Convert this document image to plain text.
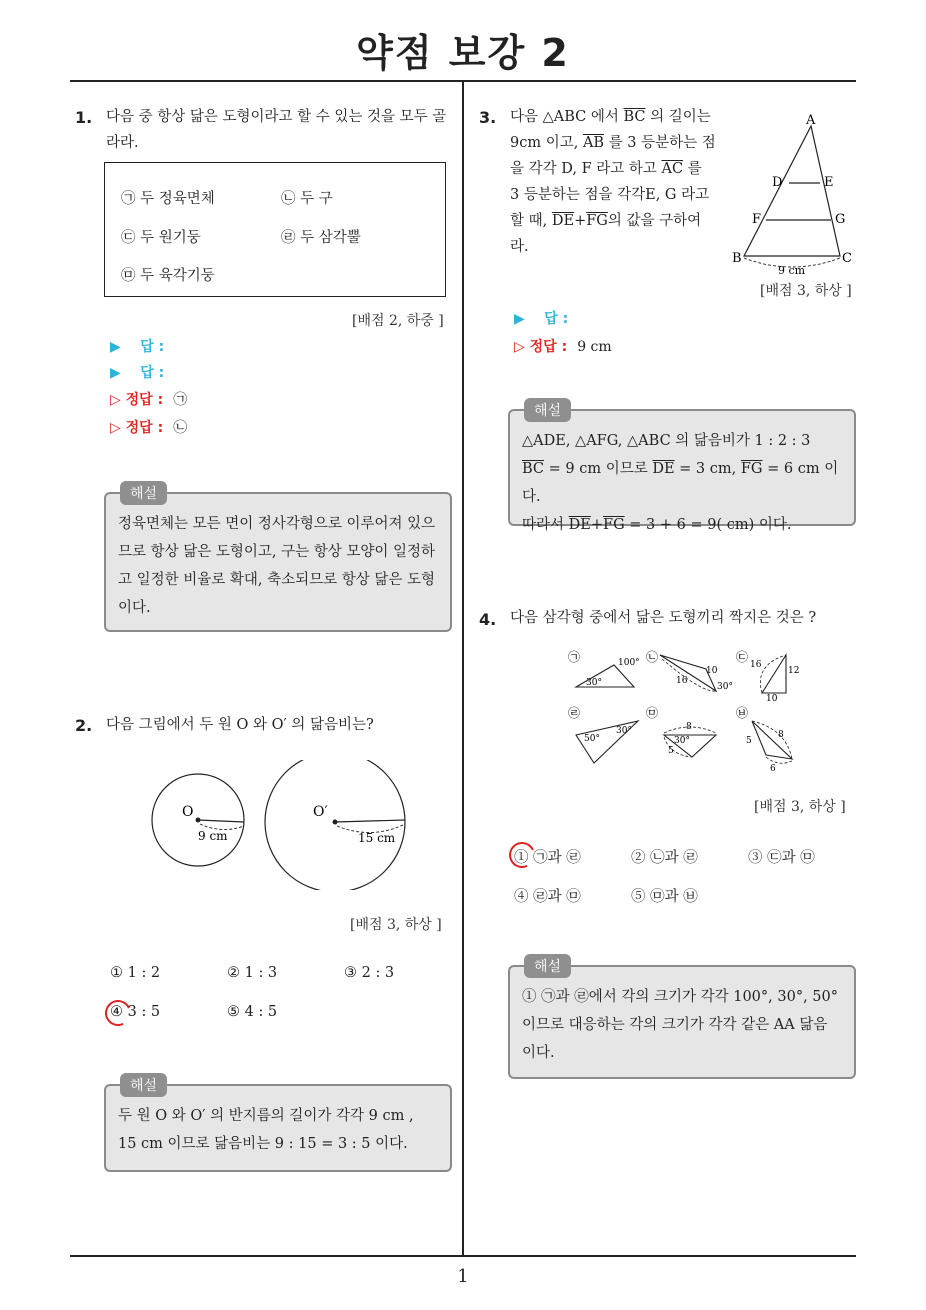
약점 보강 2
1
1. 다음 중 항상 닮은 도형이라고 할 수 있는 것을 모두 골라라.
㉠ 두 정육면체	㉡ 두 구
㉢ 두 원기둥	㉣ 두 삼각뿔
㉤ 두 육각기둥
[배점 2, 하중 ]
▶ 답 :
▶ 답 :
▷ 정답 : ㉠
▷ 정답 : ㉡
해설
정육면체는 모든 면이 정사각형으로 이루어져 있으므로 항상 닮은 도형이고, 구는 항상 모양이 일정하고 일정한 비율로 확대, 축소되므로 항상 닮은 도형이다.
2. 다음 그림에서 두 원 O 와 O′ 의 닮음비는?
O
9 cm
O′
15 cm
[배점 3, 하상 ]
① 1 : 2	② 1 : 3	③ 2 : 3
④ 3 : 5	⑤ 4 : 5
해설
두 원 O 와 O′ 의 반지름의 길이가 각각 9 cm ,
15 cm 이므로 닮음비는 9 : 15 = 3 : 5 이다.
3. 다음 △ABC 에서 $\overline{BC}$ 의 길이는
9cm 이고, $\overline{AB}$ 를 3 등분하는 점
을 각각 D, F 라고 하고 $\overline{AC}$ 를
3 등분하는 점을 각각E, G 라고
할 때, $\overline{DE}+\overline{FG}$의 값을 구하여
라.
A
D	E
F	G
B	C
9 cm
[배점 3, 하상 ]
▶ 답 :
▷ 정답 : 9 cm
해설
△ADE, △AFG, △ABC 의 닮음비가 1 : 2 : 3
$\overline{BC} = 9$ cm 이므로 $\overline{DE} = 3$ cm, $\overline{FG} = 6$ cm 이다.
따라서 $\overline{DE}+\overline{FG} = 3 + 6 = 9$( cm) 이다.
4. 다음 삼각형 중에서 닮은 도형끼리 짝지은 것은 ?
㉠	100°
30°
㉡
10
16
30°
㉢
16
12
10
㉣
50°
30°
㉤
8
30°
5
㉥
5
8
6
[배점 3, 하상 ]
① ㉠과 ㉣	② ㉡과 ㉣	③ ㉢과 ㉤
④ ㉣과 ㉤	⑤ ㉤과 ㉥
해설
① ㉠과 ㉣에서 각의 크기가 각각 100°, 30°, 50°
이므로 대응하는 각의 크기가 각각 같은 AA 닮음
이다.
